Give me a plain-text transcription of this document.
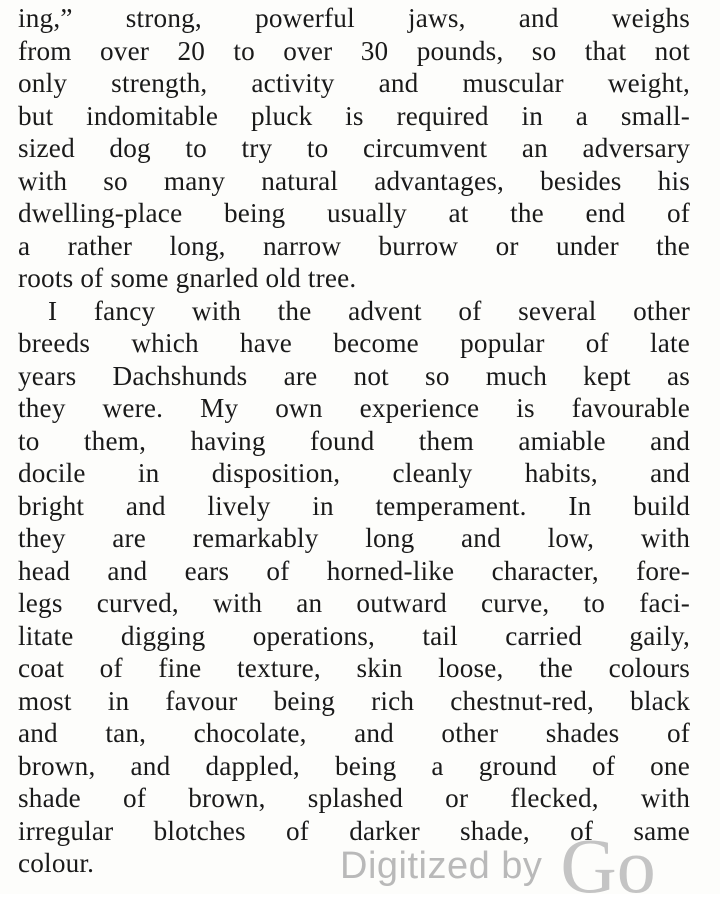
ing,” strong, powerful jaws, and weighs
from over 20 to over 30 pounds, so that not
only strength, activity and muscular weight,
but indomitable pluck is required in a small-
sized dog to try to circumvent an adversary
with so many natural advantages, besides his
dwelling-place being usually at the end of
a rather long, narrow burrow or under the
roots of some gnarled old tree.
I fancy with the advent of several other
breeds which have become popular of late
years Dachshunds are not so much kept as
they were. My own experience is favourable
to them, having found them amiable and
docile in disposition, cleanly habits, and
bright and lively in temperament. In build
they are remarkably long and low, with
head and ears of horned-like character, fore-
legs curved, with an outward curve, to faci-
litate digging operations, tail carried gaily,
coat of fine texture, skin loose, the colours
most in favour being rich chestnut-red, black
and tan, chocolate, and other shades of
brown, and dappled, being a ground of one
shade of brown, splashed or flecked, with
irregular blotches of darker shade, of same
colour.	Digitized by Go
